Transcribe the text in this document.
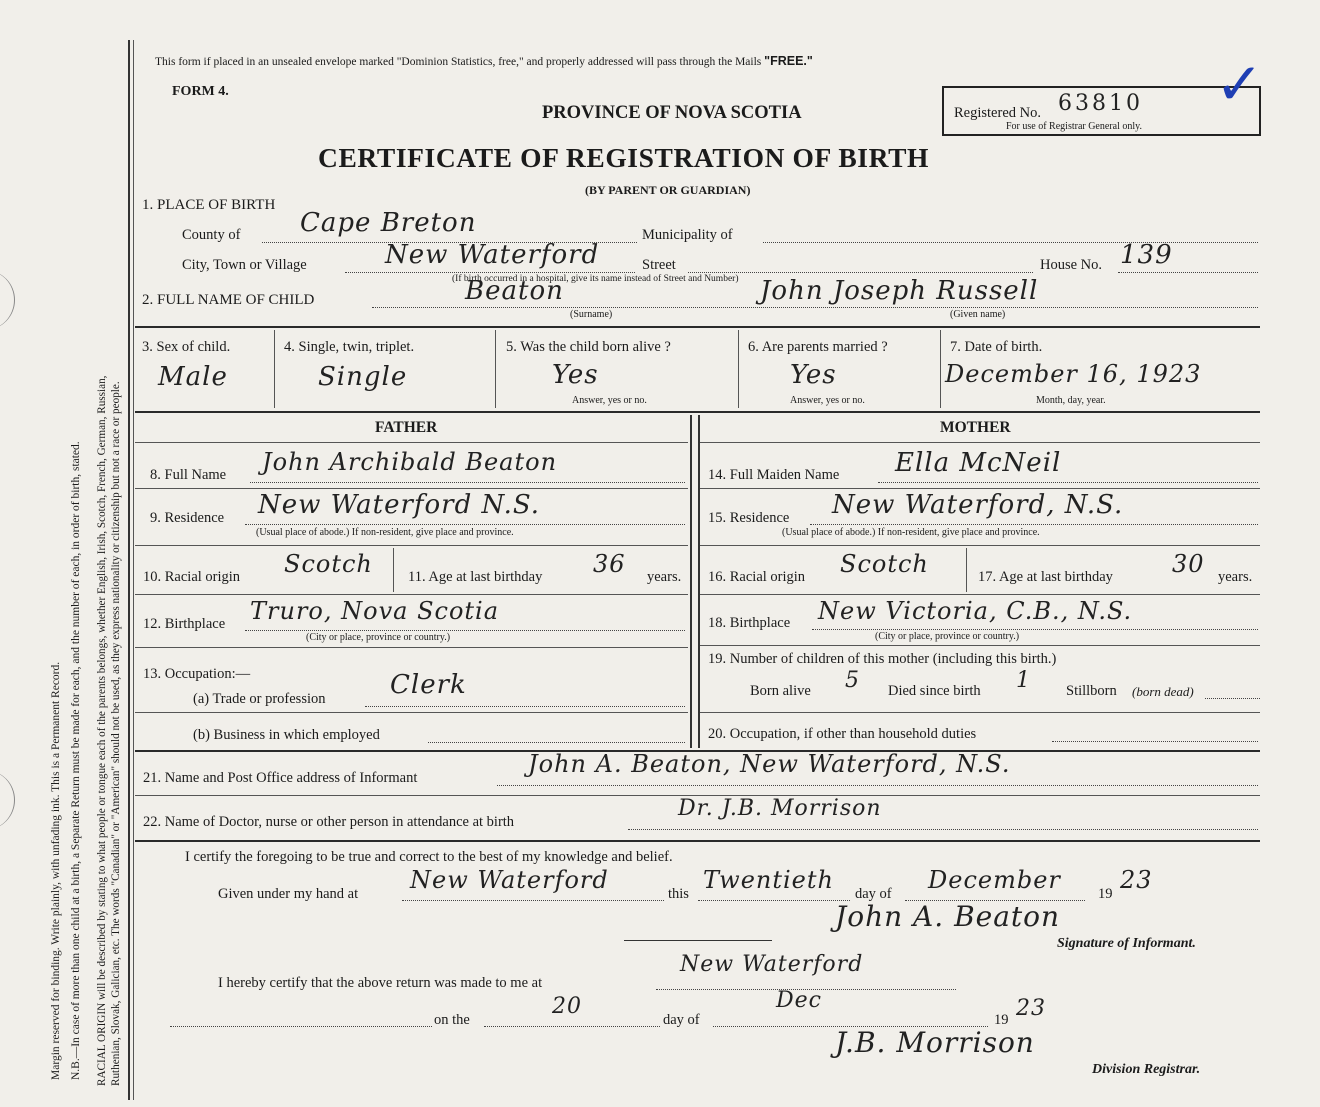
Margin reserved for binding. Write plainly, with unfading ink. This is a Permanent Record. N.B.—In case of more than one child at a birth, a Separate Return must be made for each, and the number of each, in order of birth, stated. RACIAL ORIGIN will be described by stating to what people or tongue each of the parents belongs, whether English, Irish, Scotch, French, German, Russian, Ruthenian, Slovak, Galician, etc. The words "Canadian" or "American" should not be used, as they express nationality or citizenship but not a race or people.
This form if placed in an unsealed envelope marked "Dominion Statistics, free," and properly addressed will pass through the Mails "FREE."
FORM 4.
PROVINCE OF NOVA SCOTIA
CERTIFICATE OF REGISTRATION OF BIRTH
(BY PARENT OR GUARDIAN)
Registered No. 63810
For use of Registrar General only.
✓
1. PLACE OF BIRTH
County of Cape Breton	Municipality of
City, Town or Village	New Waterford	Street	House No. 139
(If birth occurred in a hospital, give its name instead of Street and Number)
2. FULL NAME OF CHILD	Beaton
(Surname)
John Joseph Russell
(Given name)
3. Sex of child.
Male
4. Single, twin, triplet.
Single
5. Was the child born alive ?
Yes
Answer, yes or no.
6. Are parents married ?
Yes
Answer, yes or no.
7. Date of birth.
December 16, 1923
Month, day, year.
FATHER
8. Full Name John Archibald Beaton
9. Residence New Waterford N.S.
(Usual place of abode.) If non-resident, give place and province.
10. Racial origin Scotch 11. Age at last birthday 36 years.
12. Birthplace Truro, Nova Scotia
(City or place, province or country.)
13. Occupation:—
(a) Trade or profession Clerk
(b) Business in which employed
MOTHER
14. Full Maiden Name Ella McNeil
15. Residence New Waterford, N.S.
(Usual place of abode.) If non-resident, give place and province.
16. Racial origin Scotch	17. Age at last birthday 30 years.
18. Birthplace New Victoria, C.B., N.S.
(City or place, province or country.)
19. Number of children of this mother (including this birth.)
Born alive 5 Died since birth 1 Stillborn (born dead)
20. Occupation, if other than household duties
21. Name and Post Office address of Informant	John A. Beaton, New Waterford, N.S.
22. Name of Doctor, nurse or other person in attendance at birth
Dr. J.B. Morrison
I certify the foregoing to be true and correct to the best of my knowledge and belief.
Given under my hand at New Waterford	this Twentieth day of December	19 23
John A. Beaton
Signature of Informant.
I hereby certify that the above return was made to me at
New Waterford
on the
20
day of
Dec
19 23
J.B. Morrison
Division Registrar.
